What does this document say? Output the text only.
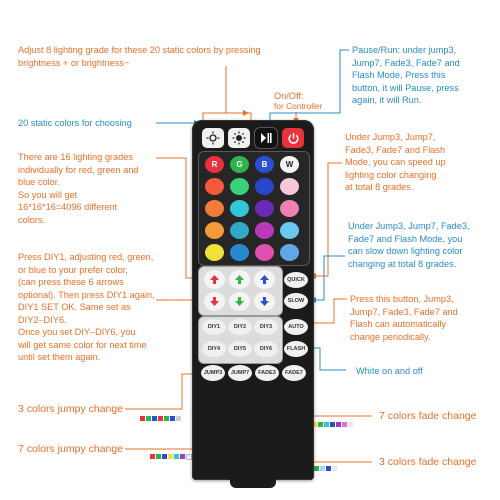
Adjust 8 lighting grade for these 20 static colors by pressing brightness + or brightness−
Pause/Run: under jump3,
Jump7, Fade3, Fade7 and
Flash Mode, Press this
button, it will Pause, press
again, it will Run.
On/Off:
for Controller
20 static colors for choosing
There are 16 lighting grades
individually for red, green and
blue color.
So you will get
16*16*16=4096 different
colors.
Under Jump3, Jump7,
Fade3, Fade7 and Flash
Mode, you can speed up
lighting color changing
at total 8 grades.
Under Jump3, Jump7, Fade3,
Fade7 and Flash Mode, you
can slow down lighting color
changing at total 8 grades.
Press DIY1, adjusting red, green,
or blue to your prefer color,
(can press these 6 arrows
optional). Then press DIY1 again,
DIY1 SET OK. Same set as
DIY2–DIY6.
Once you set DIY–DIY6, you
will get same color for next time
until set them again.
Press this button, Jump3,
Jump7, Fade3, Fade7 and
Flash can automatically
change periodically.
White on and off
3 colors jumpy change
7 colors fade change
7 colors jumpy change
3 colors fade change
QUICK
SLOW
DIY1	DIY2	DIY3
DIY4	DIY5	DIY6
AUTO
FLASH
JUMP3	JUMP7	FADE3	FADE7
R	G	B	W
